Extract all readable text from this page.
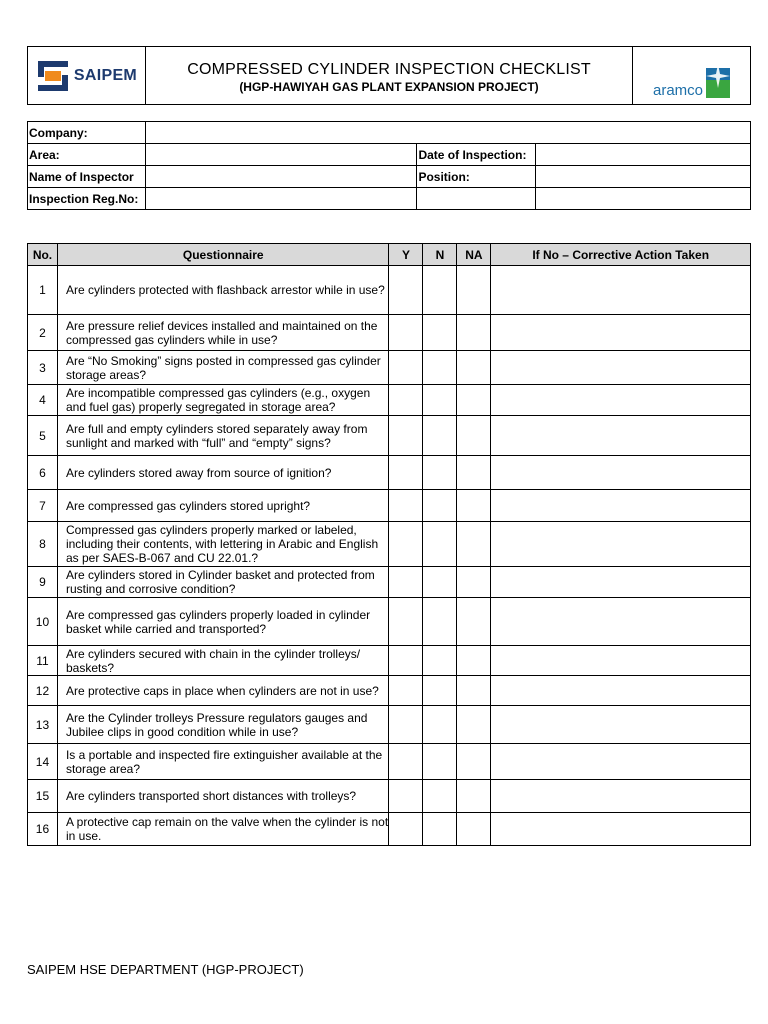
SAIPEM	COMPRESSED CYLINDER INSPECTION CHECKLIST
(HGP-HAWIYAH GAS PLANT EXPANSION PROJECT)	aramco
Company:			
Area:		Date of Inspection:	
Name of Inspector		Position:	
Inspection Reg.No:			
No.	Questionnaire	Y	N	NA	If No – Corrective Action Taken
1	Are cylinders protected with flashback arrestor while in use?				
2	Are pressure relief devices installed and maintained on the compressed gas cylinders while in use?				
3	Are “No Smoking” signs posted in compressed gas cylinder storage areas?				
4	Are incompatible compressed gas cylinders (e.g., oxygen and fuel gas) properly segregated in storage area?				
5	Are full and empty cylinders stored separately away from sunlight and marked with “full” and “empty” signs?				
6	Are cylinders stored away from source of ignition?				
7	Are compressed gas cylinders stored upright?				
8	Compressed gas cylinders properly marked or labeled, including their contents, with lettering in Arabic and English as per SAES-B-067 and CU 22.01.?				
9	Are cylinders stored in Cylinder basket and protected from rusting and corrosive condition?				
10	Are compressed gas cylinders properly loaded in cylinder basket while carried and transported?				
11	Are cylinders secured with chain in the cylinder trolleys/ baskets?				
12	Are protective caps in place when cylinders are not in use?				
13	Are the Cylinder trolleys Pressure regulators gauges and Jubilee clips in good condition while in use?				
14	Is a portable and inspected fire extinguisher available at the storage area?				
15	Are cylinders transported short distances with trolleys?				
16	A protective cap remain on the valve when the cylinder is not in use.				
SAIPEM HSE DEPARTMENT (HGP-PROJECT)
